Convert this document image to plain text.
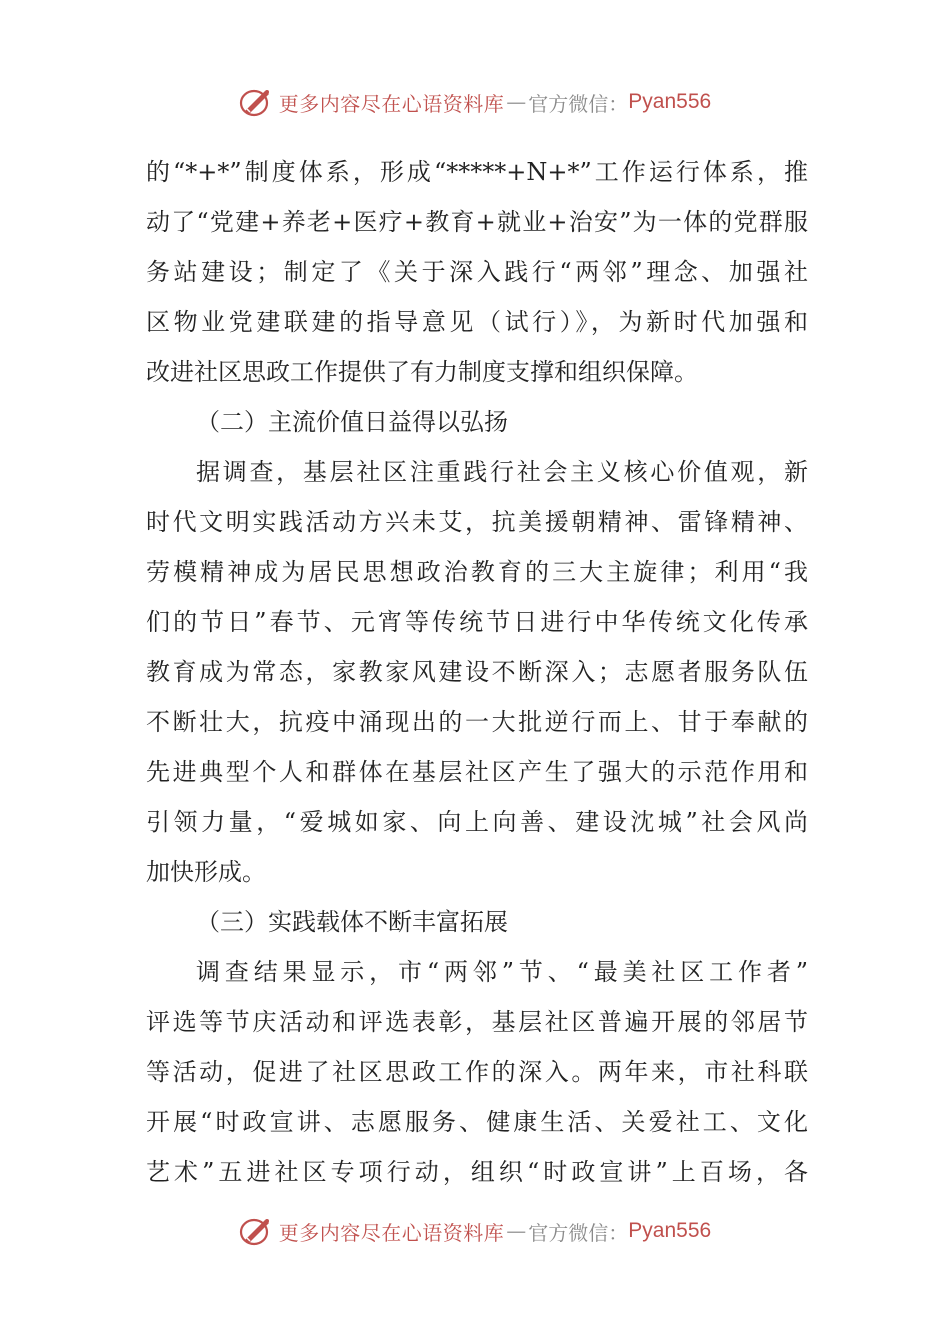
更多内容尽在心语资料库 — 官方微信： Pyan556
的“*+*”制度体系，形成“*****+N+*”工作运行体系，推
动了“党建+养老+医疗+教育+就业+治安”为一体的党群服
务站建设；制定了《关于深入践行“两邻”理念、加强社
区物业党建联建的指导意见（试行）》，为新时代加强和
改进社区思政工作提供了有力制度支撑和组织保障。
（二）主流价值日益得以弘扬
据调查，基层社区注重践行社会主义核心价值观，新
时代文明实践活动方兴未艾，抗美援朝精神、雷锋精神、
劳模精神成为居民思想政治教育的三大主旋律；利用“我
们的节日”春节、元宵等传统节日进行中华传统文化传承
教育成为常态，家教家风建设不断深入；志愿者服务队伍
不断壮大，抗疫中涌现出的一大批逆行而上、甘于奉献的
先进典型个人和群体在基层社区产生了强大的示范作用和
引领力量，“爱城如家、向上向善、建设沈城”社会风尚
加快形成。
（三）实践载体不断丰富拓展
调查结果显示，市“两邻”节、“最美社区工作者”
评选等节庆活动和评选表彰，基层社区普遍开展的邻居节
等活动，促进了社区思政工作的深入。两年来，市社科联
开展“时政宣讲、志愿服务、健康生活、关爱社工、文化
艺术”五进社区专项行动，组织“时政宣讲”上百场，各
更多内容尽在心语资料库 — 官方微信： Pyan556
